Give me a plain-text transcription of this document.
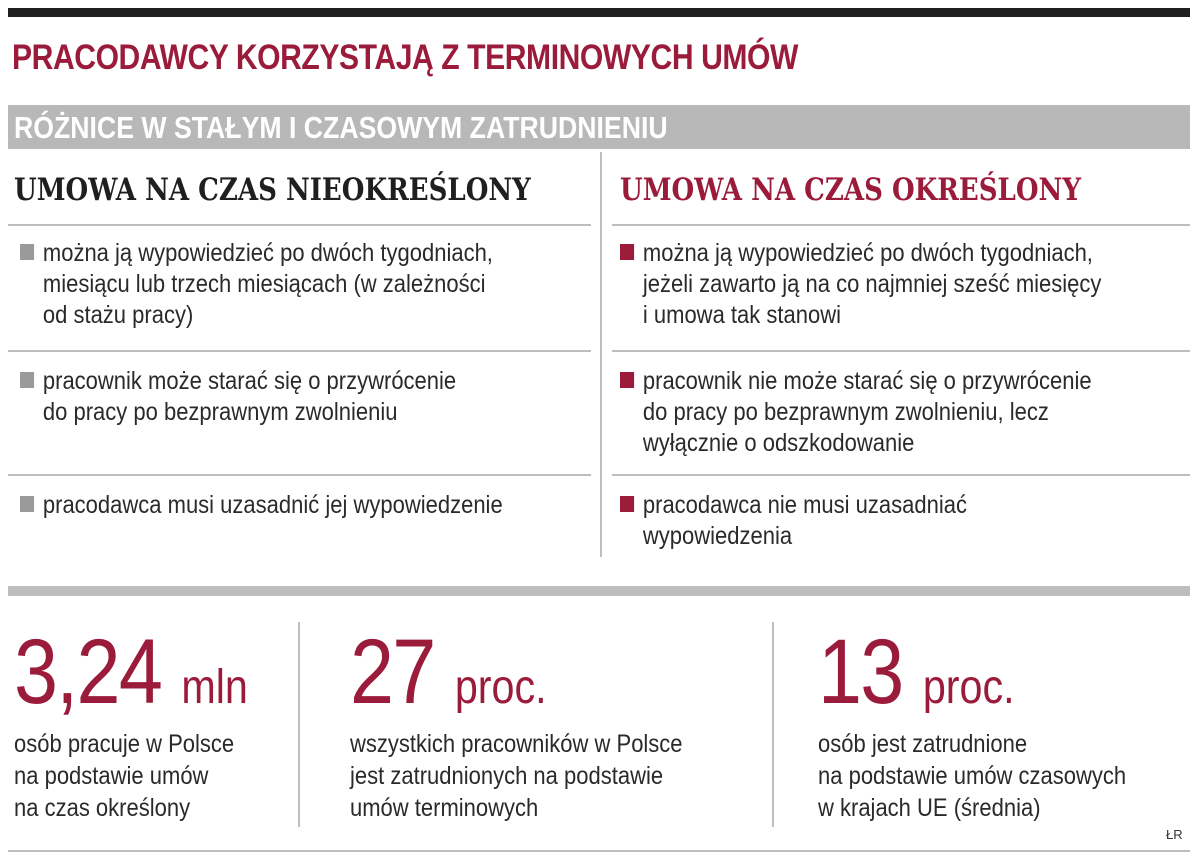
PRACODAWCY KORZYSTAJĄ Z TERMINOWYCH UMÓW
RÓŻNICE W STAŁYM I CZASOWYM ZATRUDNIENIU
UMOWA NA CZAS NIEOKREŚLONY	UMOWA NA CZAS OKREŚLONY
można ją wypowiedzieć po dwóch tygodniach,
miesiącu lub trzech miesiącach (w zależności
od stażu pracy)
pracownik może starać się o przywrócenie
do pracy po bezprawnym zwolnieniu
pracodawca musi uzasadnić jej wypowiedzenie
można ją wypowiedzieć po dwóch tygodniach,
jeżeli zawarto ją na co najmniej sześć miesięcy
i umowa tak stanowi
pracownik nie może starać się o przywrócenie
do pracy po bezprawnym zwolnieniu, lecz
wyłącznie o odszkodowanie
pracodawca nie musi uzasadniać
wypowiedzenia
3,24 mln
osób pracuje w Polsce
na podstawie umów
na czas określony
27 proc.
wszystkich pracowników w Polsce
jest zatrudnionych na podstawie
umów terminowych
13 proc.
osób jest zatrudnione
na podstawie umów czasowych
w krajach UE (średnia)
ŁR
